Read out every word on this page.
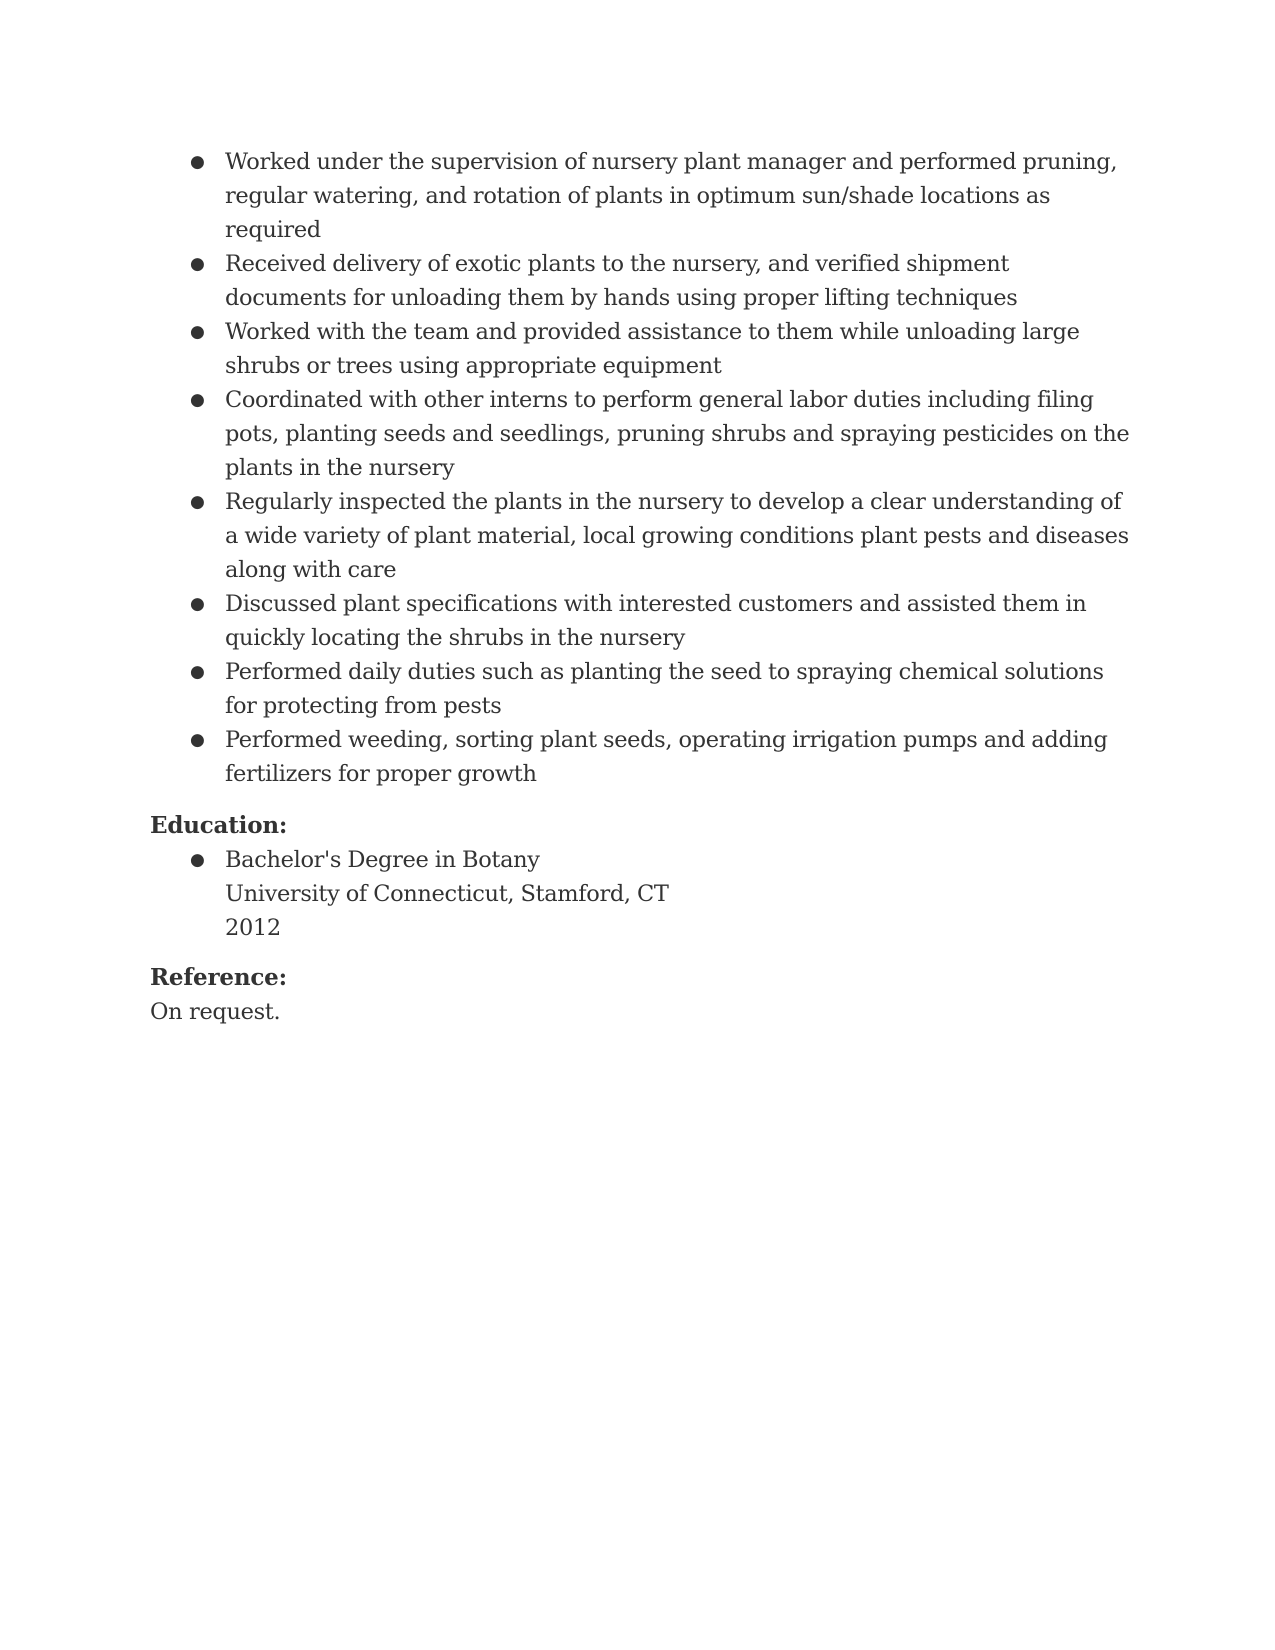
● Worked under the supervision of nursery plant manager and performed pruning, regular watering, and rotation of plants in optimum sun/shade locations as required
● Received delivery of exotic plants to the nursery, and verified shipment documents for unloading them by hands using proper lifting techniques
● Worked with the team and provided assistance to them while unloading large shrubs or trees using appropriate equipment
● Coordinated with other interns to perform general labor duties including filing pots, planting seeds and seedlings, pruning shrubs and spraying pesticides on the plants in the nursery
● Regularly inspected the plants in the nursery to develop a clear understanding of a wide variety of plant material, local growing conditions plant pests and diseases along with care
● Discussed plant specifications with interested customers and assisted them in quickly locating the shrubs in the nursery
● Performed daily duties such as planting the seed to spraying chemical solutions for protecting from pests
● Performed weeding, sorting plant seeds, operating irrigation pumps and adding fertilizers for proper growth
Education:
● Bachelor's Degree in Botany
University of Connecticut, Stamford, CT
2012
Reference:
On request.
